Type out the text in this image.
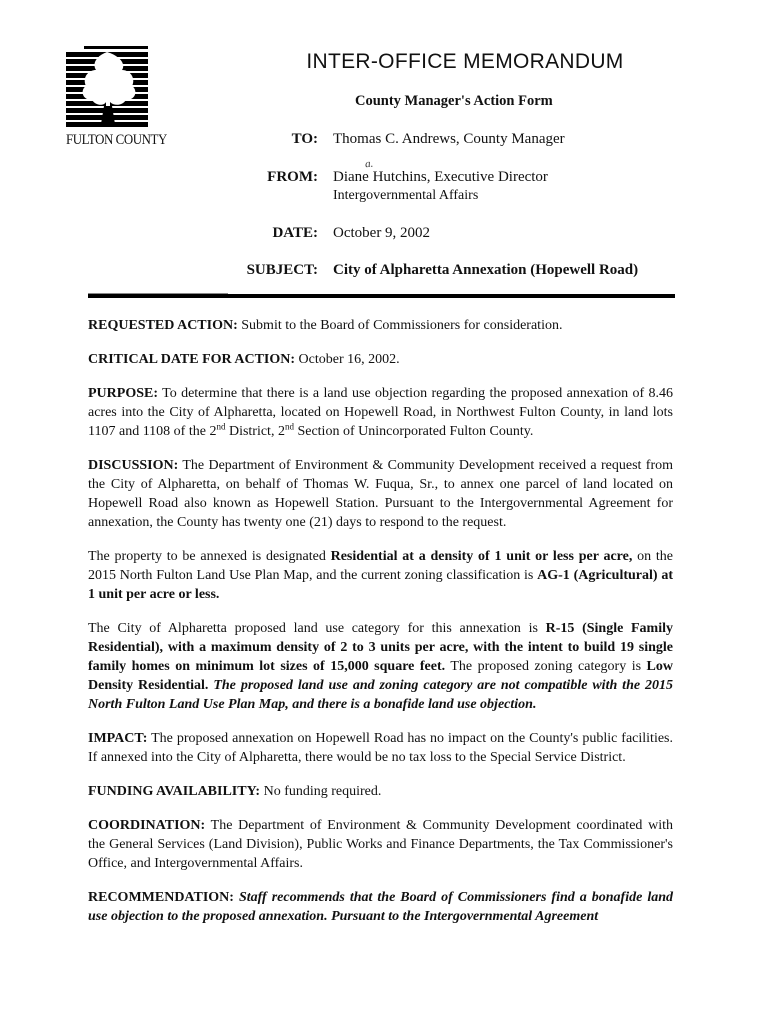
FULTON COUNTY
INTER-OFFICE MEMORANDUM
County Manager's Action Form
TO: Thomas C. Andrews, County Manager
a.
FROM: Diane Hutchins, Executive Director
Intergovernmental Affairs
DATE: October 9, 2002
SUBJECT: City of Alpharetta Annexation (Hopewell Road)

REQUESTED ACTION: Submit to the Board of Commissioners for consideration.

CRITICAL DATE FOR ACTION: October 16, 2002.

PURPOSE: To determine that there is a land use objection regarding the proposed annexation of 8.46 acres into the City of Alpharetta, located on Hopewell Road, in Northwest Fulton County, in land lots 1107 and 1108 of the 2nd District, 2nd Section of Unincorporated Fulton County.

DISCUSSION: The Department of Environment & Community Development received a request from the City of Alpharetta, on behalf of Thomas W. Fuqua, Sr., to annex one parcel of land located on Hopewell Road also known as Hopewell Station. Pursuant to the Intergovernmental Agreement for annexation, the County has twenty one (21) days to respond to the request.

The property to be annexed is designated Residential at a density of 1 unit or less per acre, on the 2015 North Fulton Land Use Plan Map, and the current zoning classification is AG-1 (Agricultural) at 1 unit per acre or less.

The City of Alpharetta proposed land use category for this annexation is R-15 (Single Family Residential), with a maximum density of 2 to 3 units per acre, with the intent to build 19 single family homes on minimum lot sizes of 15,000 square feet. The proposed zoning category is Low Density Residential. The proposed land use and zoning category are not compatible with the 2015 North Fulton Land Use Plan Map, and there is a bonafide land use objection.

IMPACT: The proposed annexation on Hopewell Road has no impact on the County's public facilities. If annexed into the City of Alpharetta, there would be no tax loss to the Special Service District.

FUNDING AVAILABILITY: No funding required.

COORDINATION: The Department of Environment & Community Development coordinated with the General Services (Land Division), Public Works and Finance Departments, the Tax Commissioner's Office, and Intergovernmental Affairs.

RECOMMENDATION: Staff recommends that the Board of Commissioners find a bonafide land use objection to the proposed annexation. Pursuant to the Intergovernmental Agreement
